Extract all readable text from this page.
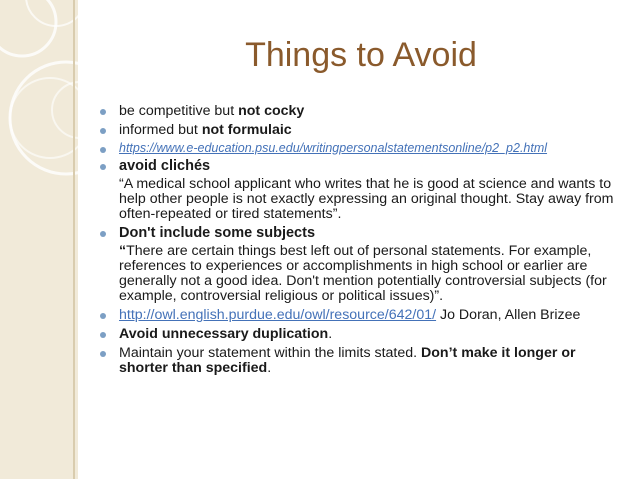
Things to Avoid
be competitive but not cocky
informed but not formulaic
https://www.e-education.psu.edu/writingpersonalstatementsonline/p2_p2.html
avoid clichés
“A medical school applicant who writes that he is good at science and wants to help other people is not exactly expressing an original thought. Stay away from often-repeated or tired statements”.
Don't include some subjects
“There are certain things best left out of personal statements. For example, references to experiences or accomplishments in high school or earlier are generally not a good idea. Don't mention potentially controversial subjects (for example, controversial religious or political issues)”.
http://owl.english.purdue.edu/owl/resource/642/01/ Jo Doran, Allen Brizee
Avoid unnecessary duplication.
Maintain your statement within the limits stated. Don’t make it longer or shorter than specified.
